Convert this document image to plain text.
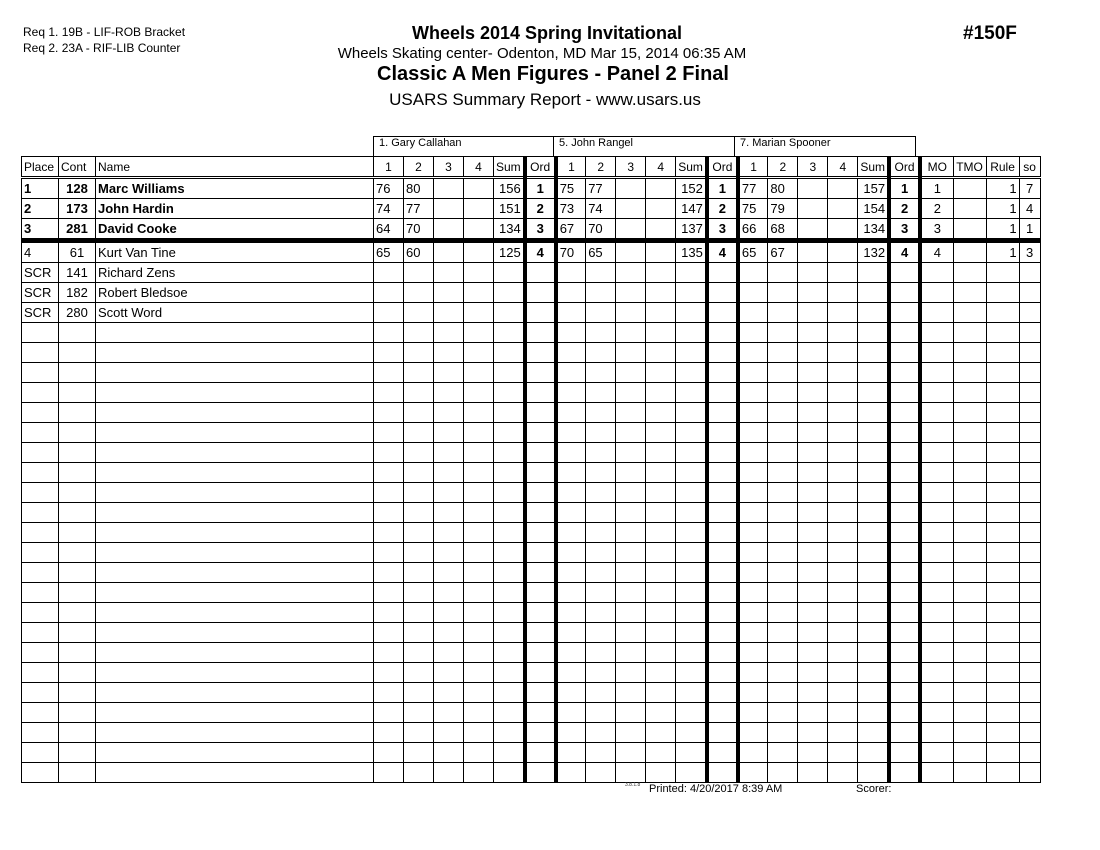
Req 1. 19B - LIF-ROB Bracket
Req 2. 23A - RIF-LIB Counter
Wheels 2014 Spring Invitational
Wheels Skating center- Odenton, MD Mar 15, 2014 06:35 AM
Classic A Men Figures - Panel 2 Final
USARS Summary Report - www.usars.us
#150F
1. Gary Callahan	5. John Rangel	7. Marian Spooner
Place	Cont	Name	1	2	3	4	Sum	Ord	1	2	3	4	Sum	Ord	1	2	3	4	Sum	Ord	MO	TMO	Rule	so
1	128	Marc Williams	76	80			156	1	75	77			152	1	77	80			157	1	1		1	7
2	173	John Hardin	74	77			151	2	73	74			147	2	75	79			154	2	2		1	4
3	281	David Cooke	64	70			134	3	67	70			137	3	66	68			134	3	3		1	1
4	61	Kurt Van Tine	65	60			125	4	70	65			135	4	65	67			132	4	4		1	3
SCR	141	Richard Zens																						
SCR	182	Robert Bledsoe																						
SCR	280	Scott Word																						

3.8.1.8 Printed: 4/20/2017 8:39 AM	Scorer:
